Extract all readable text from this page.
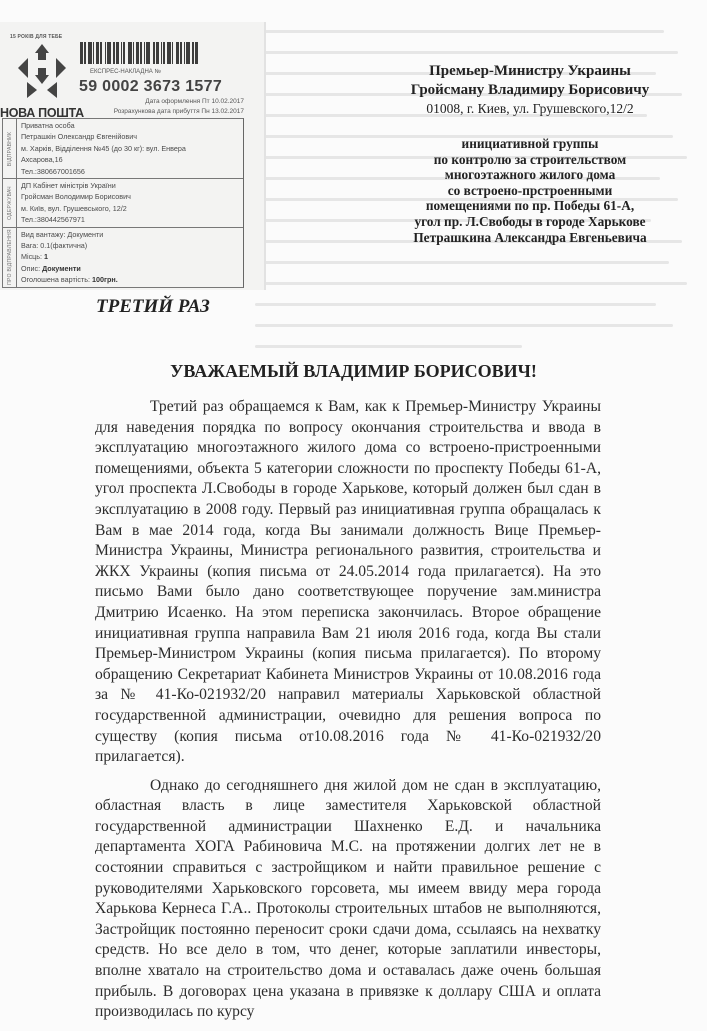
15 РОКІВ ДЛЯ ТЕБЕ
НОВА ПОШТА
ЕКСПРЕС-НАКЛАДНА №
59 0002 3673 1577
Дата оформлення Пт 10.02.2017
Розрахункова дата прибуття Пн 13.02.2017
ВІДПРАВНИК
Приватна особа
Петрашкін Олександр Євгенійович
м. Харків, Відділення №45 (до 30 кг): вул. Енвера
Ахсарова,16
Тел.:380667001656
ОДЕРЖУВАЧ
ДП Кабінет міністрів України
Гройсман Володимир Борисович
м. Київ, вул. Грушевського, 12/2
Тел.:380442567971
ПРО ВІДПРАВЛЕННЯ Вид вантажу: Документи
Вага: 0.1(фактична)
Місць: 1
Опис: Документи
Оголошена вартість: 100грн.
Премьер-Министру Украины
Гройсману Владимиру Борисовичу
01008, г. Киев, ул. Грушевского,12/2
инициативной группы
по контролю за строительством
многоэтажного жилого дома
со встроено-прстроенными
помещениями по пр. Победы 61-А,
угол пр. Л.Свободы в городе Харькове
Петрашкина Александра Евгеньевича
ТРЕТИЙ РАЗ
УВАЖАЕМЫЙ ВЛАДИМИР БОРИСОВИЧ!

Третий раз обращаемся к Вам, как к Премьер-Министру Украины для наведения порядка по вопросу окончания строительства и ввода в эксплуатацию многоэтажного жилого дома со встроено-пристроенными помещениями, объекта 5 категории сложности по проспекту Победы 61-А, угол проспекта Л.Свободы в городе Харькове, который должен был сдан в эксплуатацию в 2008 году. Первый раз инициативная группа обращалась к Вам в мае 2014 года, когда Вы занимали должность Вице Премьер-Министра Украины, Министра регионального развития, строительства и ЖКХ Украины (копия письма от 24.05.2014 года прилагается). На это письмо Вами было дано соответствующее поручение зам.министра Дмитрию Исаенко. На этом переписка закончилась. Второе обращение инициативная группа направила Вам 21 июля 2016 года, когда Вы стали Премьер-Министром Украины (копия письма прилагается). По второму обращению Секретариат Кабинета Министров Украины от 10.08.2016 года за № 41-Ко-021932/20 направил материалы Харьковской областной государственной администрации, очевидно для решения вопроса по существу (копия письма от10.08.2016 года № 41-Ко-021932/20 прилагается).

Однако до сегодняшнего дня жилой дом не сдан в эксплуатацию, областная власть в лице заместителя Харьковской областной государственной администрации Шахненко Е.Д. и начальника департамента ХОГА Рабиновича М.С. на протяжении долгих лет не в состоянии справиться с застройщиком и найти правильное решение с руководителями Харьковского горсовета, мы имеем ввиду мера города Харькова Кернеса Г.А.. Протоколы строительных штабов не выполняются, Застройщик постоянно переносит сроки сдачи дома, ссылаясь на нехватку средств. Но все дело в том, что денег, которые заплатили инвесторы, вполне хватало на строительство дома и оставалась даже очень большая прибыль. В договорах цена указана в привязке к доллару США и оплата производилась по курсу
